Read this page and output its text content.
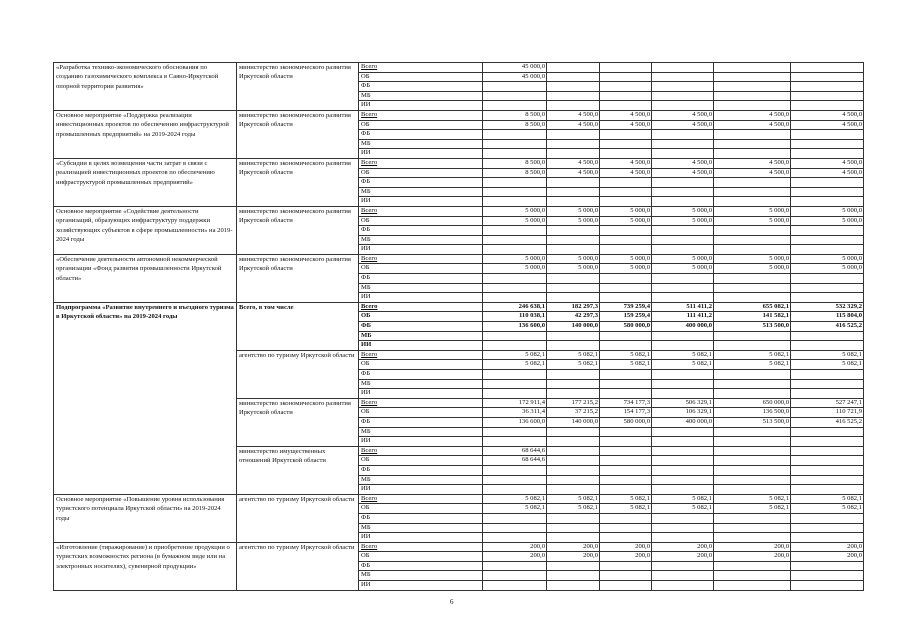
«Разработка технико-экономического обоснования по созданию газохимического комплекса в Саяно-Иркутской опорной территории развития»	министерство экономического развития Иркутской области	Всего	45 000,0					
		ОБ	45 000,0					
		ФБ						
		МБ						
		ИИ						
Основное мероприятие «Поддержка реализации инвестиционных проектов по обеспечению инфраструктурой промышленных предприятий» на 2019-2024 годы	министерство экономического развития Иркутской области	Всего	8 500,0	4 500,0	4 500,0	4 500,0	4 500,0	4 500,0
		ОБ	8 500,0	4 500,0	4 500,0	4 500,0	4 500,0	4 500,0
		ФБ						
		МБ						
		ИИ						
«Субсидии в целях возмещения части затрат в связи с реализацией инвестиционных проектов по обеспечению инфраструктурой промышленных предприятий»	министерство экономического развития Иркутской области	Всего	8 500,0	4 500,0	4 500,0	4 500,0	4 500,0	4 500,0
		ОБ	8 500,0	4 500,0	4 500,0	4 500,0	4 500,0	4 500,0
		ФБ						
		МБ						
		ИИ						
Основное мероприятие «Содействие деятельности организаций, образующих инфраструктуру поддержки хозяйствующих субъектов в сфере промышленности» на 2019-2024 годы	министерство экономического развития Иркутской области	Всего	5 000,0	5 000,0	5 000,0	5 000,0	5 000,0	5 000,0
		ОБ	5 000,0	5 000,0	5 000,0	5 000,0	5 000,0	5 000,0
		ФБ						
		МБ						
		ИИ						
«Обеспечение деятельности автономной некоммерческой организации «Фонд развития промышленности Иркутской области»	министерство экономического развития Иркутской области	Всего	5 000,0	5 000,0	5 000,0	5 000,0	5 000,0	5 000,0
		ОБ	5 000,0	5 000,0	5 000,0	5 000,0	5 000,0	5 000,0
		ФБ						
		МБ						
		ИИ						
Подпрограмма «Развитие внутреннего и въездного туризма в Иркутской области» на 2019-2024 годы	Всего, в том числе	Всего	246 638,1	182 297,3	739 259,4	511 411,2	655 082,1	532 329,2
		ОБ	110 038,1	42 297,3	159 259,4	111 411,2	141 582,1	115 804,0
		ФБ	136 600,0	140 000,0	580 000,0	400 000,0	513 500,0	416 525,2
		МБ						
		ИИ						
	агентство по туризму Иркутской области	Всего	5 082,1	5 082,1	5 082,1	5 082,1	5 082,1	5 082,1
		ОБ	5 082,1	5 082,1	5 082,1	5 082,1	5 082,1	5 082,1
		ФБ						
		МБ						
		ИИ						
	министерство экономического развития Иркутской области	Всего	172 911,4	177 215,2	734 177,3	506 329,1	650 000,0	527 247,1
		ОБ	36 311,4	37 215,2	154 177,3	106 329,1	136 500,0	110 721,9
		ФБ	136 600,0	140 000,0	580 000,0	400 000,0	513 500,0	416 525,2
		МБ						
		ИИ						
	министерство имущественных отношений Иркутской области	Всего	68 644,6					
		ОБ	68 644,6					
		ФБ						
		МБ						
		ИИ						
Основное мероприятие «Повышение уровня использования туристского потенциала Иркутской области» на 2019-2024 годы	агентство по туризму Иркутской области	Всего	5 082,1	5 082,1	5 082,1	5 082,1	5 082,1	5 082,1
		ОБ	5 082,1	5 082,1	5 082,1	5 082,1	5 082,1	5 082,1
		ФБ						
		МБ						
		ИИ						
«Изготовление (тиражирование) и приобретение продукции о туристских возможностях региона (в бумажном виде или на электронных носителях), сувенирной продукции»	агентство по туризму Иркутской области	Всего	200,0	200,0	200,0	200,0	200,0	200,0
		ОБ	200,0	200,0	200,0	200,0	200,0	200,0
		ФБ						
		МБ						
		ИИ						
6
